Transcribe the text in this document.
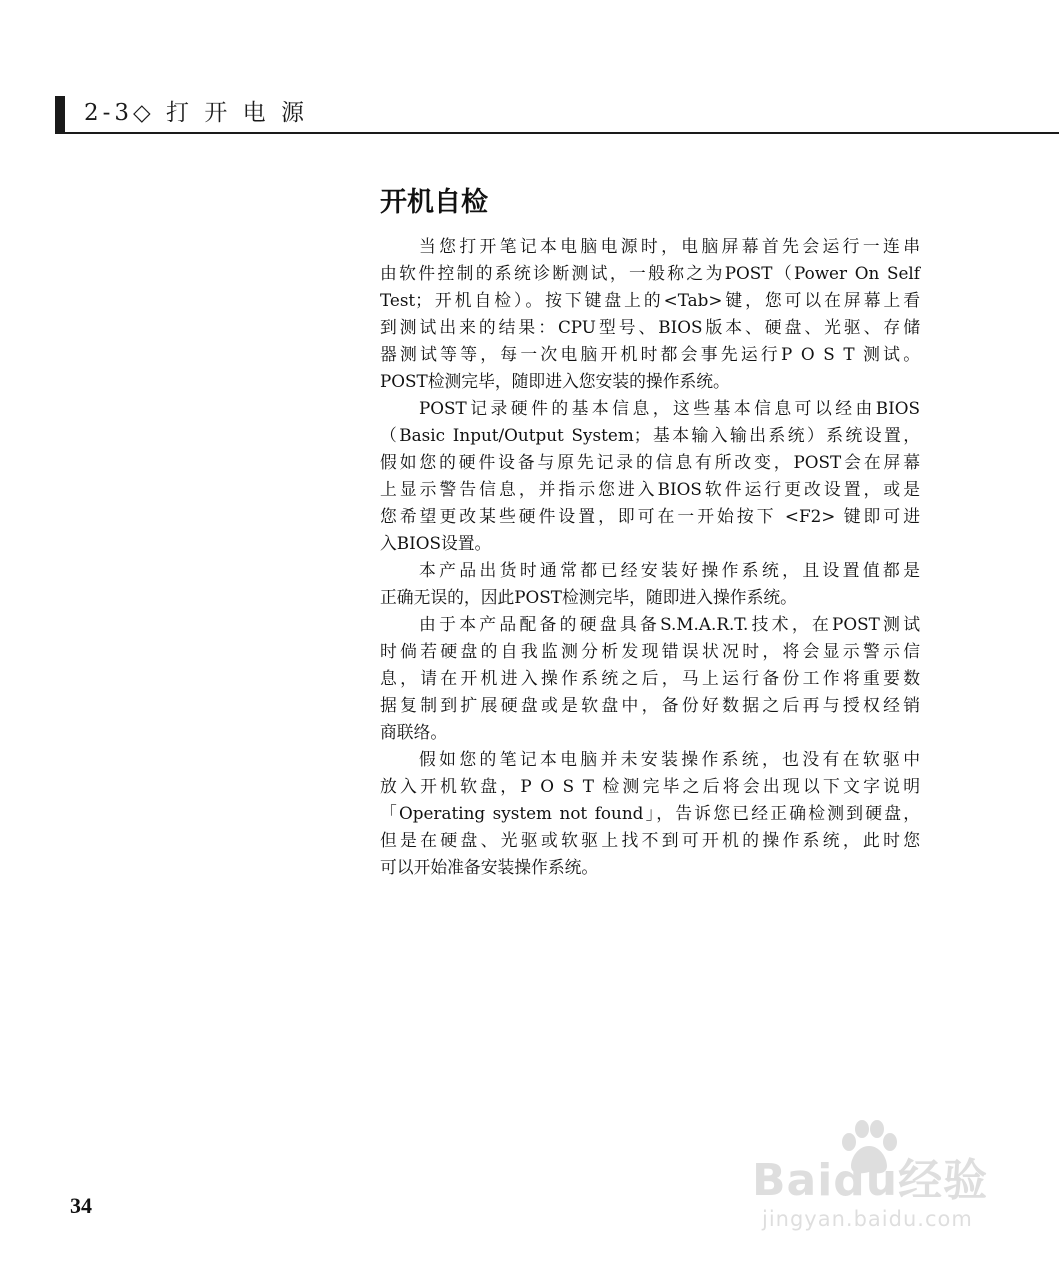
2-3◇ 打 开 电 源
开机自检

当您打开笔记本电脑电源时，电脑屏幕首先会运行一连串
由软件控制的系统诊断测试，一般称之为POST（Power On Self
Test；开机自检）。按下键盘上的<Tab>键，您可以在屏幕上看
到测试出来的结果：CPU型号、BIOS版本、硬盘、光驱、存储
器测试等等，每一次电脑开机时都会事先运行P O S T 测试。
POST检测完毕，随即进入您安装的操作系统。

POST记录硬件的基本信息，这些基本信息可以经由BIOS
（Basic Input/Output System；基本输入输出系统）系统设置，
假如您的硬件设备与原先记录的信息有所改变，POST会在屏幕
上显示警告信息，并指示您进入BIOS软件运行更改设置，或是
您希望更改某些硬件设置，即可在一开始按下 <F2> 键即可进
入BIOS设置。

本产品出货时通常都已经安装好操作系统，且设置值都是
正确无误的，因此POST检测完毕，随即进入操作系统。

由于本产品配备的硬盘具备S.M.A.R.T.技术，在POST测试
时倘若硬盘的自我监测分析发现错误状况时，将会显示警示信
息，请在开机进入操作系统之后，马上运行备份工作将重要数
据复制到扩展硬盘或是软盘中，备份好数据之后再与授权经销
商联络。

假如您的笔记本电脑并未安装操作系统，也没有在软驱中
放入开机软盘，P O S T 检测完毕之后将会出现以下文字说明
「Operating system not found」，告诉您已经正确检测到硬盘，
但是在硬盘、光驱或软驱上找不到可开机的操作系统，此时您
可以开始准备安装操作系统。

34	Baidu经验
jingyan.baidu.com
